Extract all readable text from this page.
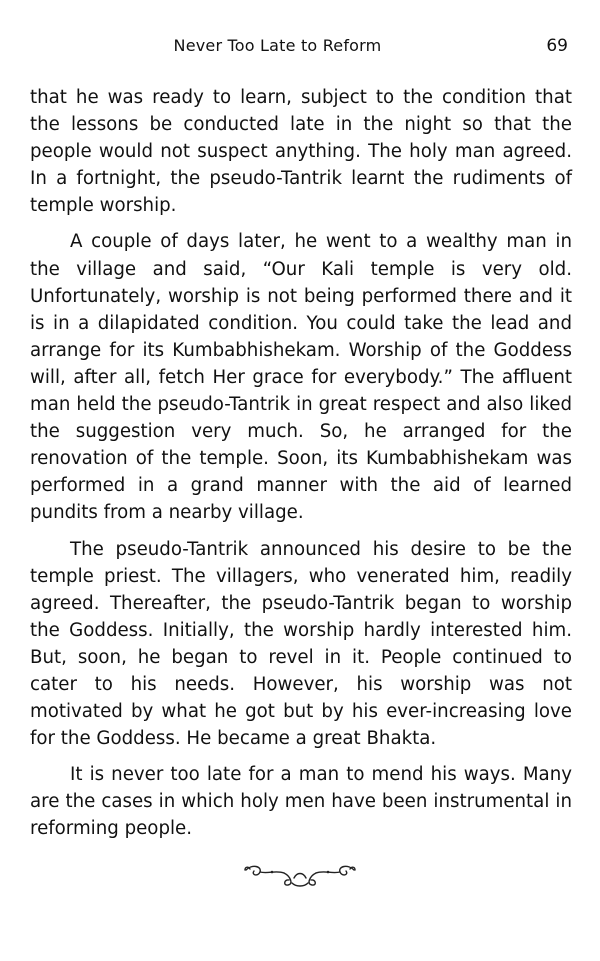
Never Too Late to Reform	69

that he was ready to learn, subject to the condition that the lessons be conducted late in the night so that the people would not suspect anything. The holy man agreed. In a fortnight, the pseudo-Tantrik learnt the rudiments of temple worship.

A couple of days later, he went to a wealthy man in the village and said, “Our Kali temple is very old. Unfortunately, worship is not being performed there and it is in a dilapidated condition. You could take the lead and arrange for its Kumbabhishekam. Worship of the Goddess will, after all, fetch Her grace for everybody.” The affluent man held the pseudo-Tantrik in great respect and also liked the suggestion very much. So, he arranged for the renovation of the temple. Soon, its Kumbabhishekam was performed in a grand manner with the aid of learned pundits from a nearby village.

The pseudo-Tantrik announced his desire to be the temple priest. The villagers, who venerated him, readily agreed. Thereafter, the pseudo-Tantrik began to worship the Goddess. Initially, the worship hardly interested him. But, soon, he began to revel in it. People continued to cater to his needs. However, his worship was not motivated by what he got but by his ever-increasing love for the Goddess. He became a great Bhakta.

It is never too late for a man to mend his ways. Many are the cases in which holy men have been instrumental in reforming people.
